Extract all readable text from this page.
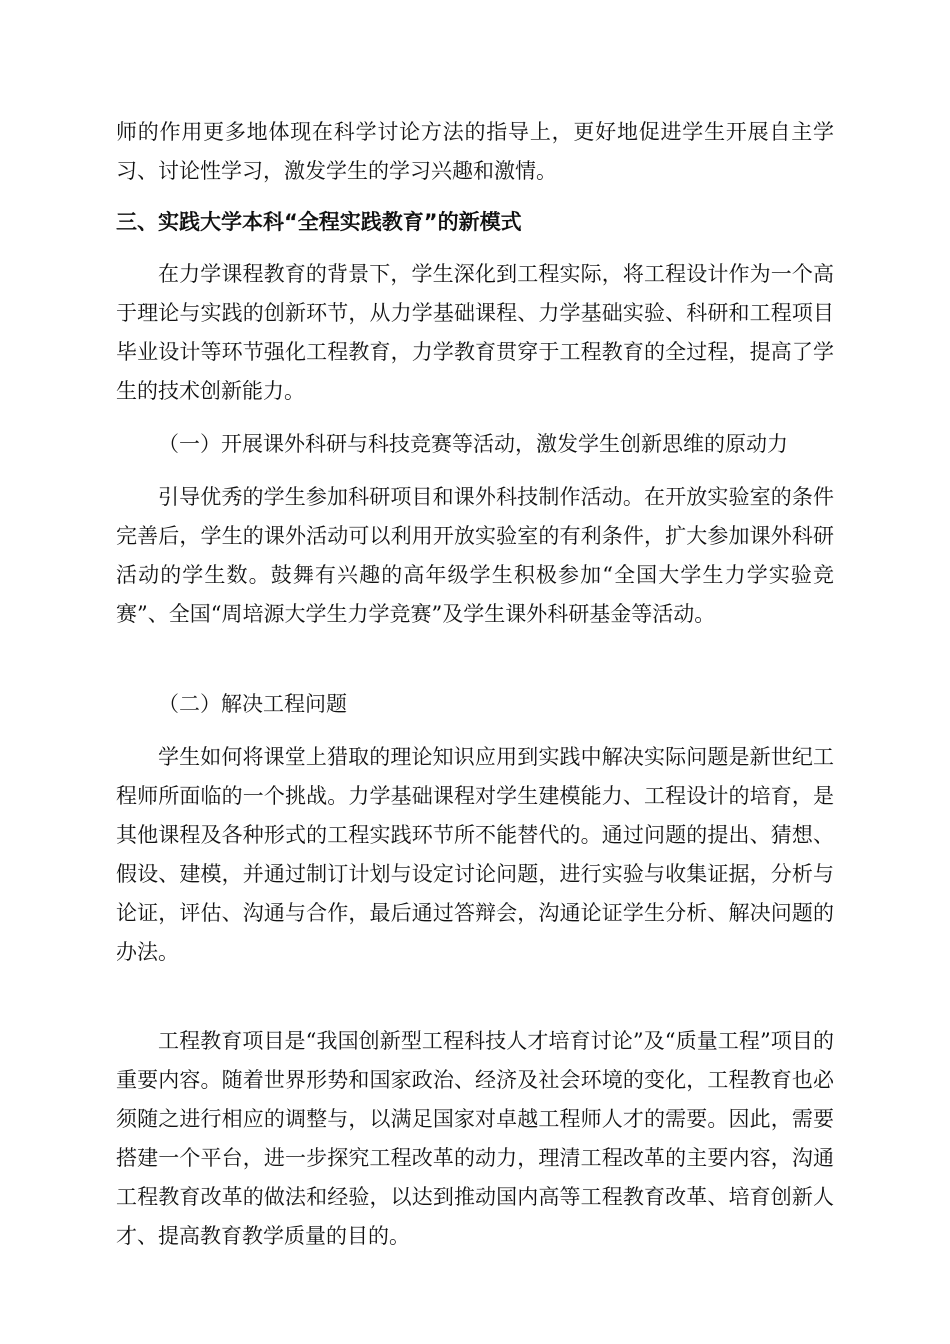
师的作用更多地体现在科学讨论方法的指导上，更好地促进学生开展自主学习、讨论性学习，激发学生的学习兴趣和激情。

三、实践大学本科“全程实践教育”的新模式

在力学课程教育的背景下，学生深化到工程实际，将工程设计作为一个高于理论与实践的创新环节，从力学基础课程、力学基础实验、科研和工程项目毕业设计等环节强化工程教育，力学教育贯穿于工程教育的全过程，提高了学生的技术创新能力。

（一）开展课外科研与科技竞赛等活动，激发学生创新思维的原动力

引导优秀的学生参加科研项目和课外科技制作活动。在开放实验室的条件完善后，学生的课外活动可以利用开放实验室的有利条件，扩大参加课外科研活动的学生数。鼓舞有兴趣的高年级学生积极参加“全国大学生力学实验竞赛”、全国“周培源大学生力学竞赛”及学生课外科研基金等活动。

（二）解决工程问题

学生如何将课堂上猎取的理论知识应用到实践中解决实际问题是新世纪工程师所面临的一个挑战。力学基础课程对学生建模能力、工程设计的培育，是其他课程及各种形式的工程实践环节所不能替代的。通过问题的提出、猜想、假设、建模，并通过制订计划与设定讨论问题，进行实验与收集证据，分析与论证，评估、沟通与合作，最后通过答辩会，沟通论证学生分析、解决问题的办法。

工程教育项目是“我国创新型工程科技人才培育讨论”及“质量工程”项目的重要内容。随着世界形势和国家政治、经济及社会环境的变化，工程教育也必须随之进行相应的调整与，以满足国家对卓越工程师人才的需要。因此，需要搭建一个平台，进一步探究工程改革的动力，理清工程改革的主要内容，沟通工程教育改革的做法和经验，以达到推动国内高等工程教育改革、培育创新人才、提高教育教学质量的目的。
